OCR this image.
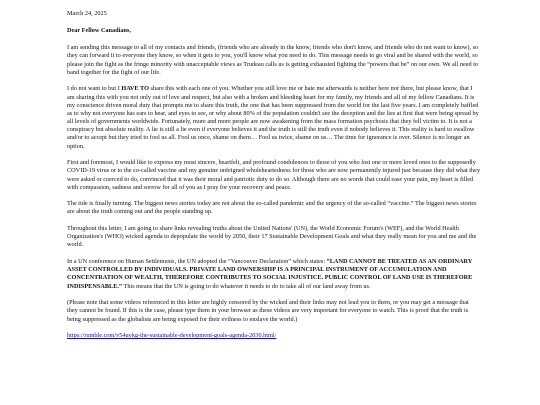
March 24, 2025
Dear Fellow Canadians,
I am sending this message to all of my contacts and friends, (friends who are already in the know, friends who don't know, and friends who do not want to know), so they can forward it to everyone they know, so when it gets to you, you'll know what you need to do. This message needs to go viral and be shared with the world, so please join the fight as the fringe minority with unacceptable views as Trudeau calls us is getting exhausted fighting the “powers that be” on our own. We all need to band together for the fight of our life.
I do not want to but I HAVE TO share this with each one of you. Whether you still love me or hate me afterwards is neither here nor there, but please know, that I am sharing this with you not only out of love and respect, but also with a broken and bleeding heart for my family, my friends and all of my fellow Canadians. It is my conscience driven moral duty that prompts me to share this truth, the one that has been suppressed from the world for the last five years. I am completely baffled as to why not everyone has ears to hear, and eyes to see, or why about 80% of the population couldn't see the deception and the lies at first that were being spread by all levels of governments worldwide. Fortunately, more and more people are now awakening from the mass formation psychosis that they fell victim to. It is not a conspiracy but absolute reality. A lie is still a lie even if everyone believes it and the truth is still the truth even if nobody believes it. This reality is hard to swallow and/or to accept but they tried to fool us all. Fool us once, shame on them… Fool us twice, shame on us… The time for ignorance is over. Silence is no longer an option.
First and foremost, I would like to express my most sincere, heartfelt, and profound condolences to those of you who lost one or more loved ones to the supposedly COVID-19 virus or to the co-called vaccine and my genuine unfeigned wholeheartedness for those who are now permanently injured just because they did what they were asked or coerced to do, convinced that it was their moral and patriotic duty to do so. Although there are no words that could ease your pain, my heart is filled with compassion, sadness and sorrow for all of you as I pray for your recovery and peace.
The tide is finally turning. The biggest news stories today are not about the so-called pandemic and the urgency of the so-called “vaccine.” The biggest news stories are about the truth coming out and the people standing up.
Throughout this letter, I am going to share links revealing truths about the United Nations' (UN), the World Economic Forum's (WEF), and the World Health Organization's (WHO) wicked agenda to depopulate the world by 2050, their 17 Sustainable Development Goals and what they really mean for you and me and the world.
In a UN conference on Human Settlements, the UN adopted the “Vancouver Declaration” which states: “LAND CANNOT BE TREATED AS AN ORDINARY ASSET CONTROLLED BY INDIVIDUALS. PRIVATE LAND OWNERSHIP IS A PRINCIPAL INSTRUMENT OF ACCUMULATION AND CONCENTRATION OF WEALTH, THEREFORE CONTRIBUTES TO SOCIAL INJUSTICE. PUBLIC CONTROL OF LAND USE IS THEREFORE INDISPENSABLE.” This means that the UN is going to do whatever it needs to do to take all of our land away from us.
(Please note that some videos referenced in this letter are highly censored by the wicked and their links may not lead you to them, or you may get a message that they cannot be found. If this is the case, please type them in your browser as these videos are very important for everyone to watch. This is proof that the truth is being suppressed as the globalists are being exposed for their evilness to enslave the world.)
https://rumble.com/v54uykg-the-sustainable-development-goals-agenda-2030.html/
